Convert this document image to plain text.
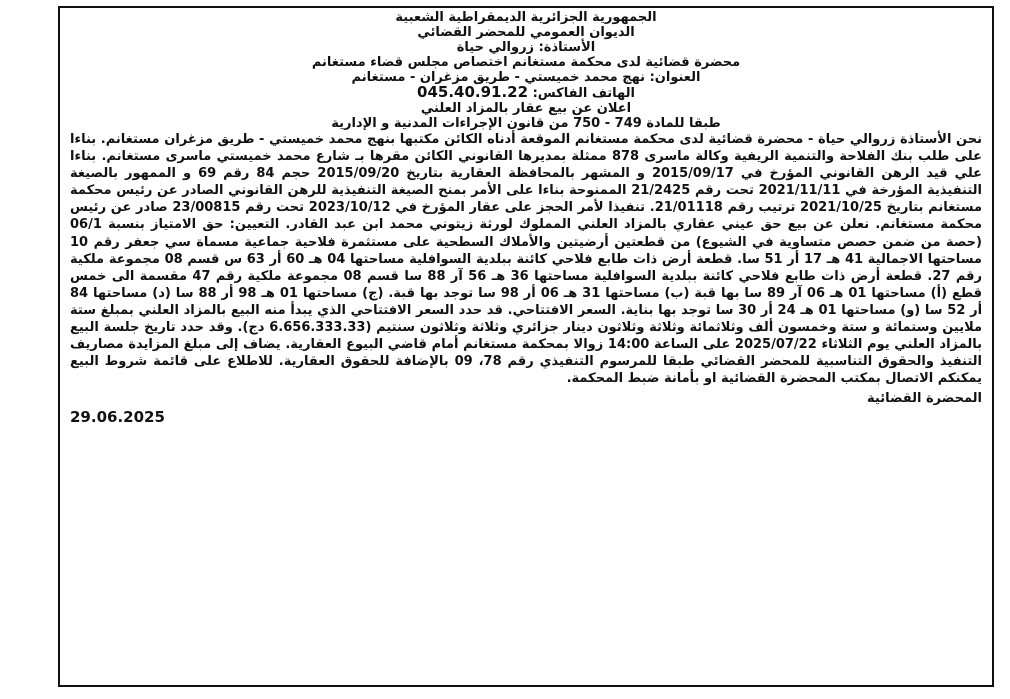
الجمهورية الجزائرية الديمقراطية الشعبية
الديوان العمومي للمحضر القضائي
الأستاذة: زروالي حياة
محضرة قضائية لدى محكمة مستغانم اختصاص مجلس قضاء مستغانم
العنوان: نهج محمد خميستي - طريق مزغران - مستغانم
الهاتف الفاكس: 045.40.91.22
اعلان عن بيع عقار بالمزاد العلني
طبقا للمادة 749 - 750 من قانون الإجراءات المدنية و الإدارية

نحن الأستاذة زروالي حياة - محضرة قضائية لدى محكمة مستغانم الموقعة أدناه الكائن مكتبها بنهج محمد خميستي - طريق مزغران مستغانم. بناءا على طلب بنك الفلاحة والتنمية الريفية وكالة ماسرى 878 ممثلة بمديرها القانوني الكائن مقرها بـ شارع محمد خميستي ماسرى مستغانم. بناءا علي قيد الرهن القانوني المؤرخ في 2015/09/17 و المشهر بالمحافظة العقارية بتاريخ 2015/09/20 حجم 84 رقم 69 و الممهور بالصيغة التنفيذية المؤرخة في 2021/11/11 تحت رقم 21/2425 الممنوحة بناءا على الأمر بمنح الصيغة التنفيذية للرهن القانوني الصادر عن رئيس محكمة مستغانم بتاريخ 2021/10/25 ترتيب رقم 21/01118. تنفيذا لأمر الحجز على عقار المؤرخ في 2023/10/12 تحت رقم 23/00815 صادر عن رئيس محكمة مستغانم. نعلن عن بيع حق عيني عقاري بالمزاد العلني المملوك لورثة زيتوني محمد ابن عبد القادر. التعيين: حق الامتياز بنسبة 06/1 (حصة من ضمن حصص متساوية في الشيوع) من قطعتين أرضيتين والأملاك السطحية على مستثمرة فلاحية جماعية مسماة سي جعفر رقم 10 مساحتها الاجمالية 41 هـ 17 أر 51 سا. قطعة أرض ذات طابع فلاحي كائنة ببلدية السوافلية مساحتها 04 هـ 60 أر 63 س قسم 08 مجموعة ملكية رقم 27. قطعة أرض ذات طابع فلاحي كائنة ببلدية السوافلية مساحتها 36 هـ 56 آر 88 سا قسم 08 مجموعة ملكية رقم 47 مقسمة الى خمس قطع (أ) مساحتها 01 هـ 06 آر 89 سا بها قبة (ب) مساحتها 31 هـ 06 أر 98 سا توجد بها قبة. (ج) مساحتها 01 هـ 98 أر 88 سا (د) مساحتها 84 أر 52 سا (و) مساحتها 01 هـ 24 أر 30 سا توجد بها بناية. السعر الافتتاحي. قد حدد السعر الافتتاحي الذي يبدأ منه البيع بالمزاد العلني بمبلغ ستة ملايين وستمائة و ستة وخمسون ألف وثلاثمائة وثلاثة وثلاثون دينار جزائري وثلاثة وثلاثون سنتيم (6.656.333.33 دج). وقد حدد تاريخ جلسة البيع بالمزاد العلني يوم الثلاثاء 2025/07/22 على الساعة 14:00 زوالا بمحكمة مستغانم أمام قاضي البيوع العقارية. يضاف إلى مبلغ المزايدة مصاريف التنفيذ والحقوق التناسبية للمحضر القضائي طبقا للمرسوم التنفيذي رقم 78، 09 بالإضافة للحقوق العقارية. للاطلاع على قائمة شروط البيع يمكنكم الاتصال بمكتب المحضرة القضائية او بأمانة ضبط المحكمة.

المحضرة القضائية
29.06.2025
